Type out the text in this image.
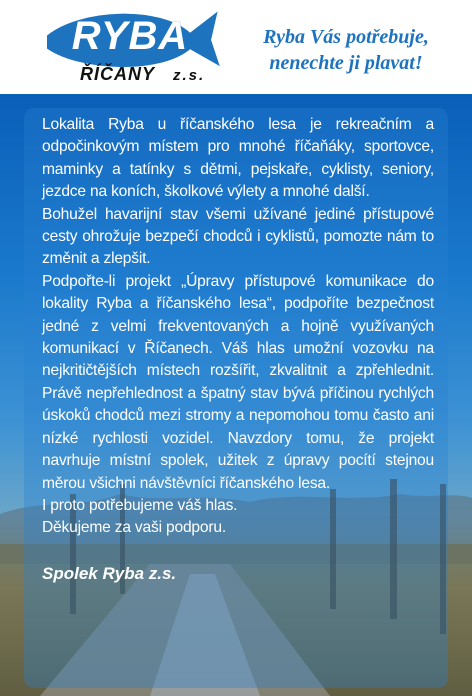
RYBA
ŘÍČANY z.s.
Ryba Vás potřebuje,
nenechte ji plavat!

Lokalita Ryba u říčanského lesa je rekreačním a odpočinkovým místem pro mnohé říčaňáky, sportovce, maminky a tatínky s dětmi, pejskaře, cyklisty, seniory, jezdce na koních, školkové výlety a mnohé další.

Bohužel havarijní stav všemi užívané jediné přístupové cesty ohrožuje bezpečí chodců i cyklistů, pomozte nám to změnit a zlepšit.

Podpořte-li projekt „Úpravy přístupové komunikace do lokality Ryba a říčanského lesa“, podpoříte bezpečnost jedné z velmi frekventovaných a hojně využívaných komunikací v Říčanech. Váš hlas umožní vozovku na nejkritičtějších místech rozšířit, zkvalitnit a zpřehlednit. Právě nepřehlednost a špatný stav bývá příčinou rychlých úskoků chodců mezi stromy a nepomohou tomu často ani nízké rychlosti vozidel. Navzdory tomu, že projekt navrhuje místní spolek, užitek z úpravy pocítí stejnou měrou všichni návštěvníci říčanského lesa.

I proto potřebujeme váš hlas.

Děkujeme za vaši podporu.

Spolek Ryba z.s.
